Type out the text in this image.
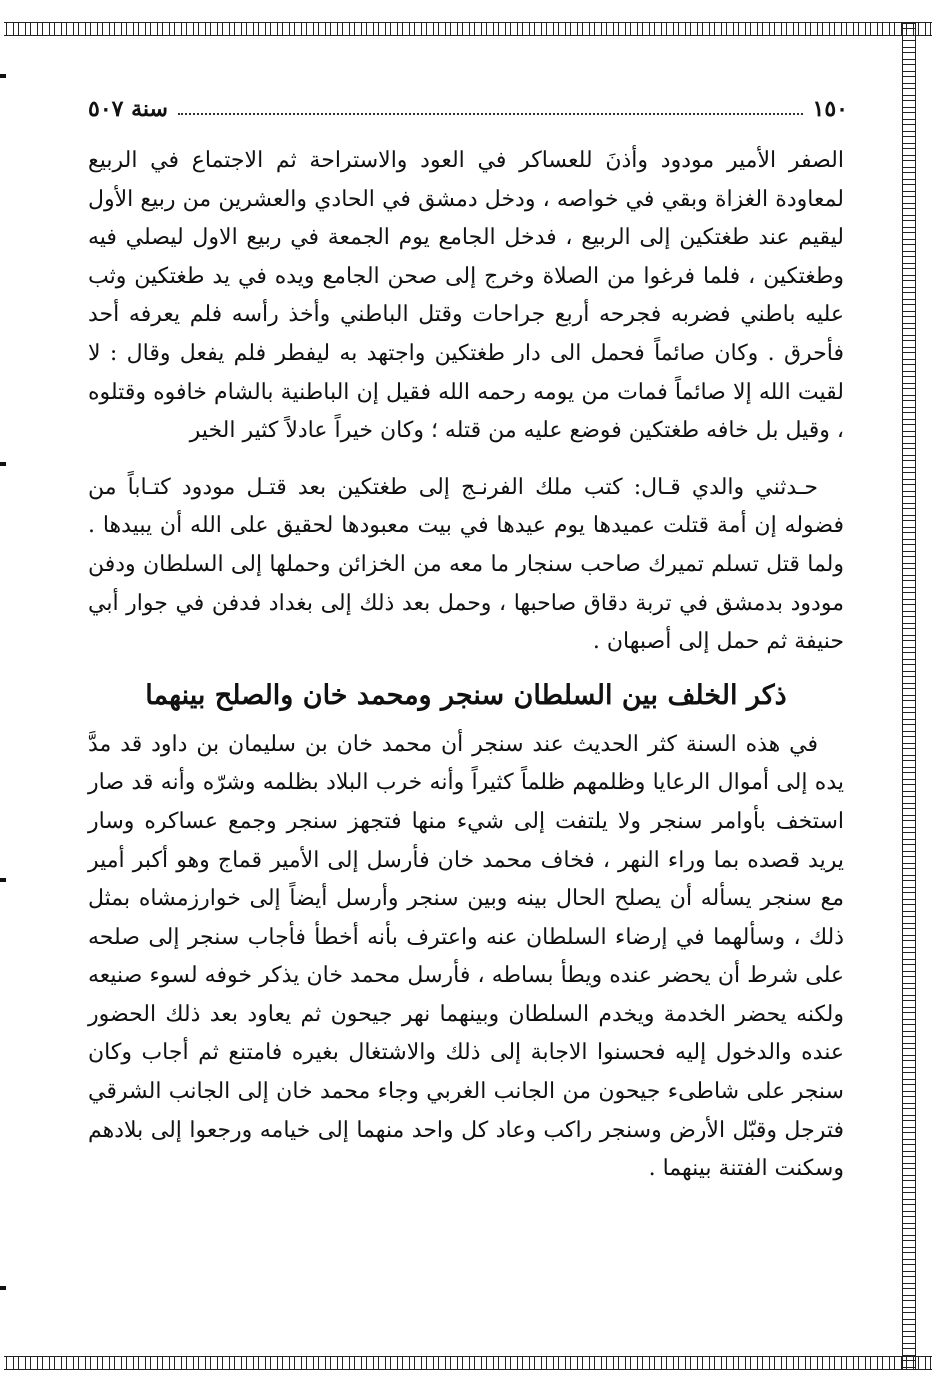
١٥٠
سنة ٥٠٧

الصفر الأمير مودود وأذنَ للعساكر في العود والاستراحة ثم الاجتماع في الربيع لمعاودة الغزاة وبقي في خواصه ، ودخل دمشق في الحادي والعشرين من ربيع الأول ليقيم عند طغتكين إلى الربيع ، فدخل الجامع يوم الجمعة في ربيع الاول ليصلي فيه وطغتكين ، فلما فرغوا من الصلاة وخرج إلى صحن الجامع ويده في يد طغتكين وثب عليه باطني فضربه فجرحه أربع جراحات وقتل الباطني وأخذ رأسه فلم يعرفه أحد فأحرق . وكان صائماً فحمل الى دار طغتكين واجتهد به ليفطر فلم يفعل وقال : لا لقيت الله إلا صائماً فمات من يومه رحمه الله فقيل إن الباطنية بالشام خافوه وقتلوه ، وقيل بل خافه طغتكين فوضع عليه من قتله ؛ وكان خيراً عادلاً كثير الخير

حـدثني والدي قـال: كتب ملك الفرنـج إلى طغتكين بعد قتـل مودود كتـاباً من فضوله إن أمة قتلت عميدها يوم عيدها في بيت معبودها لحقيق على الله أن يبيدها . ولما قتل تسلم تميرك صاحب سنجار ما معه من الخزائن وحملها إلى السلطان ودفن مودود بدمشق في تربة دقاق صاحبها ، وحمل بعد ذلك إلى بغداد فدفن في جوار أبي حنيفة ثم حمل إلى أصبهان .

ذكر الخلف بين السلطان سنجر ومحمد خان والصلح بينهما

في هذه السنة كثر الحديث عند سنجر أن محمد خان بن سليمان بن داود قد مدَّ يده إلى أموال الرعايا وظلمهم ظلماً كثيراً وأنه خرب البلاد بظلمه وشرّه وأنه قد صار استخف بأوامر سنجر ولا يلتفت إلى شيء منها فتجهز سنجر وجمع عساكره وسار يريد قصده بما وراء النهر ، فخاف محمد خان فأرسل إلى الأمير قماج وهو أكبر أمير مع سنجر يسأله أن يصلح الحال بينه وبين سنجر وأرسل أيضاً إلى خوارزمشاه بمثل ذلك ، وسألهما في إرضاء السلطان عنه واعترف بأنه أخطأ فأجاب سنجر إلى صلحه على شرط أن يحضر عنده ويطأ بساطه ، فأرسل محمد خان يذكر خوفه لسوء صنيعه ولكنه يحضر الخدمة ويخدم السلطان وبينهما نهر جيحون ثم يعاود بعد ذلك الحضور عنده والدخول إليه فحسنوا الاجابة إلى ذلك والاشتغال بغيره فامتنع ثم أجاب وكان سنجر على شاطىء جيحون من الجانب الغربي وجاء محمد خان إلى الجانب الشرقي فترجل وقبّل الأرض وسنجر راكب وعاد كل واحد منهما إلى خيامه ورجعوا إلى بلادهم وسكنت الفتنة بينهما .
